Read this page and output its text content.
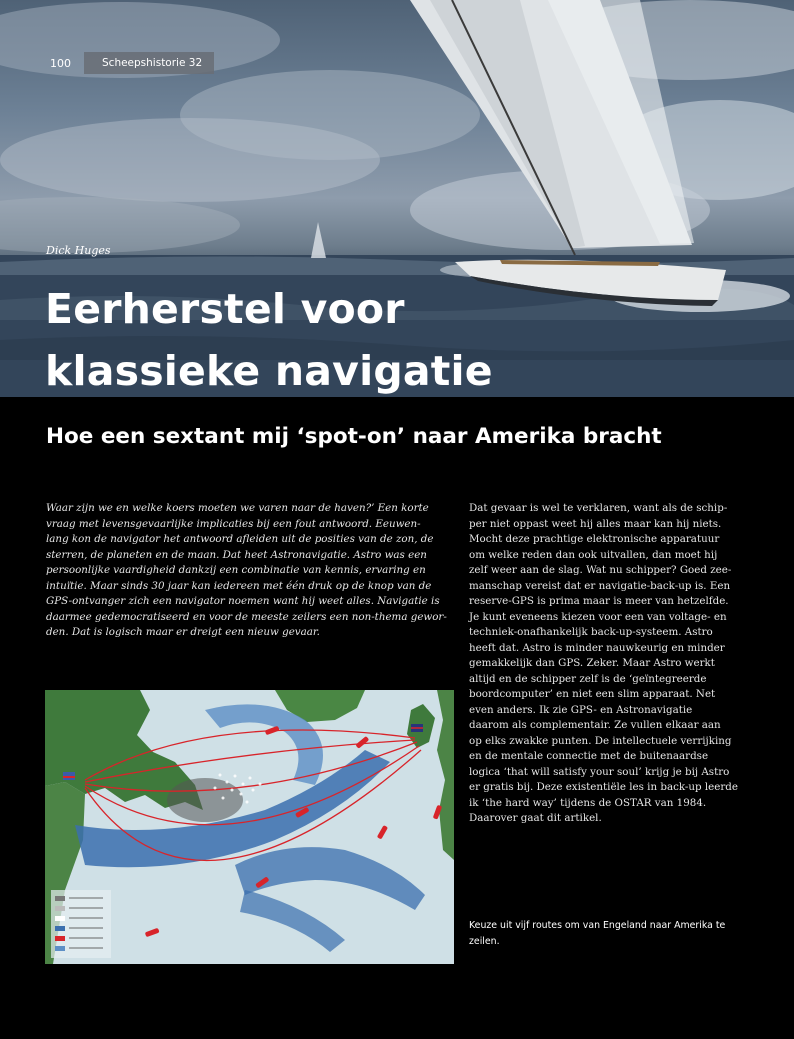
100	Scheepshistorie 32
Dick Huges
Eerherstel voor
klassieke navigatie
Hoe een sextant mij ‘spot-on’ naar Amerika bracht
Waar zijn we en welke koers moeten we varen naar de haven?’ Een korte
vraag met levensgevaarlijke implicaties bij een fout antwoord. Eeuwen-
lang kon de navigator het antwoord afleiden uit de posities van de zon, de
sterren, de planeten en de maan. Dat heet Astronavigatie. Astro was een
persoonlijke vaardigheid dankzij een combinatie van kennis, ervaring en
intuïtie. Maar sinds 30 jaar kan iedereen met één druk op de knop van de
GPS-ontvanger zich een navigator noemen want hij weet alles. Navigatie is
daarmee gedemocratiseerd en voor de meeste zeilers een non-thema gewor-
den. Dat is logisch maar er dreigt een nieuw gevaar.
Dat gevaar is wel te verklaren, want als de schip-
per niet oppast weet hij alles maar kan hij niets.
Mocht deze prachtige elektronische apparatuur
om welke reden dan ook uitvallen, dan moet hij
zelf weer aan de slag. Wat nu schipper? Goed zee-
manschap vereist dat er navigatie-back-up is. Een
reserve-GPS is prima maar is meer van hetzelfde.
Je kunt eveneens kiezen voor een van voltage- en
techniek-onafhankelijk back-up-systeem. Astro
heeft dat. Astro is minder nauwkeurig en minder
gemakkelijk dan GPS. Zeker. Maar Astro werkt
altijd en de schipper zelf is de ‘geïntegreerde
boordcomputer’ en niet een slim apparaat. Net
even anders. Ik zie GPS- en Astronavigatie
daarom als complementair. Ze vullen elkaar aan
op elks zwakke punten. De intellectuele verrijking
en de mentale connectie met de buitenaardse
logica ‘that will satisfy your soul’ krijg je bij Astro
er gratis bij. Deze existentiële les in back-up leerde
ik ‘the hard way’ tijdens de OSTAR van 1984.
Daarover gaat dit artikel.
Keuze uit vijf routes om van Engeland naar Amerika te
zeilen.
